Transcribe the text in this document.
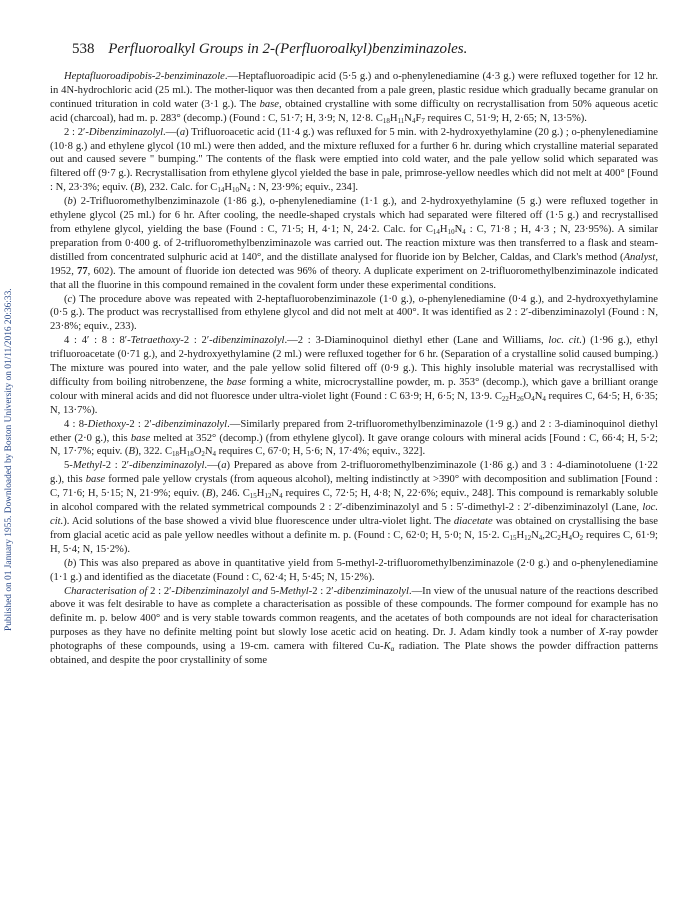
Published on 01 January 1955. Downloaded by Boston University on 01/11/2016 20:36:33.
538 Perfluoroalkyl Groups in 2-(Perfluoroalkyl)benziminazoles.

Heptafluoroadipobis-2-benziminazole.—Heptafluoroadipic acid (5·5 g.) and o-phenylenediamine (4·3 g.) were refluxed together for 12 hr. in 4N-hydrochloric acid (25 ml.). The mother-liquor was then decanted from a pale green, plastic residue which gradually became granular on continued trituration in cold water (3·1 g.). The base, obtained crystalline with some difficulty on recrystallisation from 50% aqueous acetic acid (charcoal), had m. p. 283° (decomp.) (Found : C, 51·7; H, 3·9; N, 12·8. $C_{18}H_{11}N_4F_7$ requires C, 51·9; H, 2·65; N, 13·5%).

2 : 2′-Dibenziminazolyl.—(a) Trifluoroacetic acid (11·4 g.) was refluxed for 5 min. with 2-hydroxyethylamine (20 g.) ; o-phenylenediamine (10·8 g.) and ethylene glycol (10 ml.) were then added, and the mixture refluxed for a further 6 hr. during which crystalline material separated out and caused severe " bumping." The contents of the flask were emptied into cold water, and the pale yellow solid which separated was filtered off (9·7 g.). Recrystallisation from ethylene glycol yielded the base in pale, primrose-yellow needles which did not melt at 400° [Found : N, 23·3%; equiv. (B), 232. Calc. for $C_{14}H_{10}N_4$ : N, 23·9%; equiv., 234].

(b) 2-Trifluoromethylbenziminazole (1·86 g.), o-phenylenediamine (1·1 g.), and 2-hydroxyethylamine (5 g.) were refluxed together in ethylene glycol (25 ml.) for 6 hr. After cooling, the needle-shaped crystals which had separated were filtered off (1·5 g.) and recrystallised from ethylene glycol, yielding the base (Found : C, 71·5; H, 4·1; N, 24·2. Calc. for $C_{14}H_{10}N_4$ : C, 71·8 ; H, 4·3 ; N, 23·95%). A similar preparation from 0·400 g. of 2-trifluoromethylbenziminazole was carried out. The reaction mixture was then transferred to a flask and steam-distilled from concentrated sulphuric acid at 140°, and the distillate analysed for fluoride ion by Belcher, Caldas, and Clark's method (Analyst, 1952, 77, 602). The amount of fluoride ion detected was 96% of theory. A duplicate experiment on 2-trifluoromethylbenziminazole indicated that all the fluorine in this compound remained in the covalent form under these experimental conditions.

(c) The procedure above was repeated with 2-heptafluorobenziminazole (1·0 g.), o-phenylenediamine (0·4 g.), and 2-hydroxyethylamine (0·5 g.). The product was recrystallised from ethylene glycol and did not melt at 400°. It was identified as 2 : 2′-dibenziminazolyl (Found : N, 23·8%; equiv., 233).

4 : 4′ : 8 : 8′-Tetraethoxy-2 : 2′-dibenziminazolyl.—2 : 3-Diaminoquinol diethyl ether (Lane and Williams, loc. cit.) (1·96 g.), ethyl trifluoroacetate (0·71 g.), and 2-hydroxyethylamine (2 ml.) were refluxed together for 6 hr. (Separation of a crystalline solid caused bumping.) The mixture was poured into water, and the pale yellow solid filtered off (0·9 g.). This highly insoluble material was recrystallised with difficulty from boiling nitrobenzene, the base forming a white, microcrystalline powder, m. p. 353° (decomp.), which gave a brilliant orange colour with mineral acids and did not fluoresce under ultra-violet light (Found : C 63·9; H, 6·5; N, 13·9. $C_{22}H_{26}O_4N_4$ requires C, 64·5; H, 6·35; N, 13·7%).

4 : 8-Diethoxy-2 : 2′-dibenziminazolyl.—Similarly prepared from 2-trifluoromethylbenziminazole (1·9 g.) and 2 : 3-diaminoquinol diethyl ether (2·0 g.), this base melted at 352° (decomp.) (from ethylene glycol). It gave orange colours with mineral acids [Found : C, 66·4; H, 5·2; N, 17·7%; equiv. (B), 322. $C_{18}H_{18}O_2N_4$ requires C, 67·0; H, 5·6; N, 17·4%; equiv., 322].

5-Methyl-2 : 2′-dibenziminazolyl.—(a) Prepared as above from 2-trifluoromethylbenziminazole (1·86 g.) and 3 : 4-diaminotoluene (1·22 g.), this base formed pale yellow crystals (from aqueous alcohol), melting indistinctly at >390° with decomposition and sublimation [Found : C, 71·6; H, 5·15; N, 21·9%; equiv. (B), 246. $C_{15}H_{12}N_4$ requires C, 72·5; H, 4·8; N, 22·6%; equiv., 248]. This compound is remarkably soluble in alcohol compared with the related symmetrical compounds 2 : 2′-dibenziminazolyl and 5 : 5′-dimethyl-2 : 2′-dibenziminazolyl (Lane, loc. cit.). Acid solutions of the base showed a vivid blue fluorescence under ultra-violet light. The diacetate was obtained on crystallising the base from glacial acetic acid as pale yellow needles without a definite m. p. (Found : C, 62·0; H, 5·0; N, 15·2. $C_{15}H_{12}N_4,2C_2H_4O_2$ requires C, 61·9; H, 5·4; N, 15·2%).

(b) This was also prepared as above in quantitative yield from 5-methyl-2-trifluoromethylbenziminazole (2·0 g.) and o-phenylenediamine (1·1 g.) and identified as the diacetate (Found : C, 62·4; H, 5·45; N, 15·2%).

Characterisation of 2 : 2′-Dibenziminazolyl and 5-Methyl-2 : 2′-dibenziminazolyl.—In view of the unusual nature of the reactions described above it was felt desirable to have as complete a characterisation as possible of these compounds. The former compound for example has no definite m. p. below 400° and is very stable towards common reagents, and the acetates of both compounds are not ideal for characterisation purposes as they have no definite melting point but slowly lose acetic acid on heating. Dr. J. Adam kindly took a number of X-ray powder photographs of these compounds, using a 19-cm. camera with filtered $Cu-K_\alpha$ radiation. The Plate shows the powder diffraction patterns obtained, and despite the poor crystallinity of some
